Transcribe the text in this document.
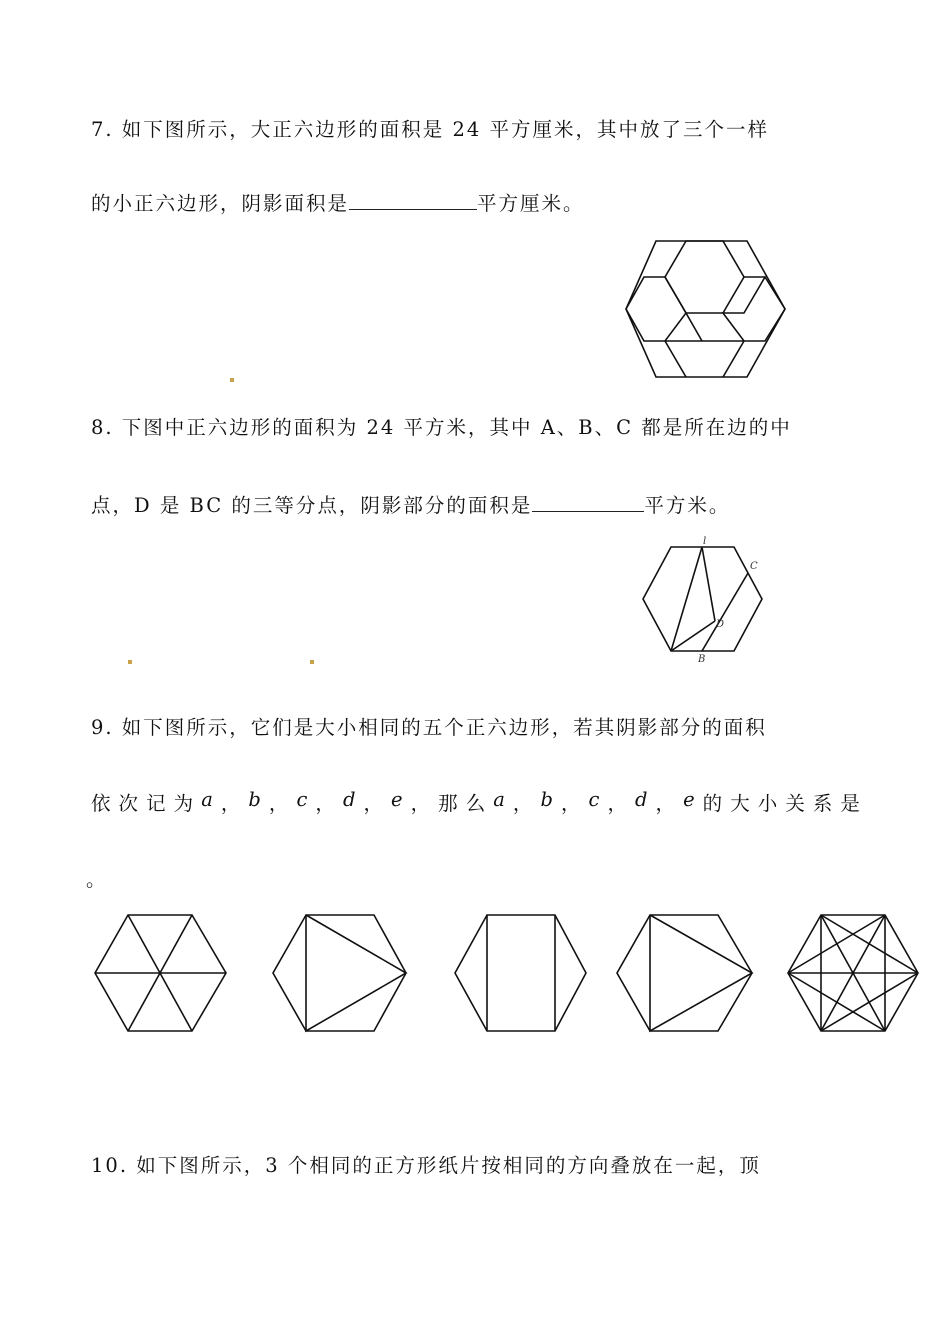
7. 如下图所示，大正六边形的面积是 24 平方厘米，其中放了三个一样
的小正六边形，阴影面积是	平方厘米。
8. 下图中正六边形的面积为 24 平方米，其中 A、B、C 都是所在边的中
点，D 是 BC 的三等分点，阴影部分的面积是	平方米。
l
C
D
B
9. 如下图所示，它们是大小相同的五个正六边形，若其阴影部分的面积
依 次 记 为 a ， b ， c ， d ， e ， 那 么 a ， b ， c ， d ， e 的 大 小 关 系 是
。
10. 如下图所示，3 个相同的正方形纸片按相同的方向叠放在一起，顶
